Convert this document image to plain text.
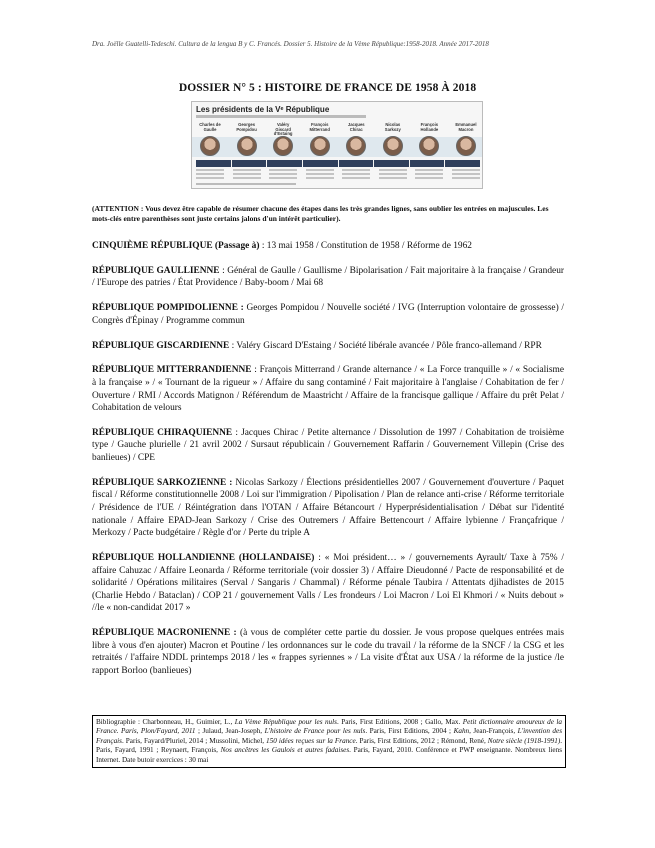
Dra. Joëlle Guatelli-Tedeschi. Cultura de la lengua B y C. Francés. Dossier 5. Histoire de la Vème République:1958-2018. Année 2017-2018
DOSSIER N° 5 : HISTOIRE DE FRANCE DE 1958 À 2018
Les présidents de la Vᵉ République
Charles de Gaulle
Georges Pompidou
Valéry Giscard d'Estaing
François Mitterrand
Jacques Chirac
Nicolas Sarkozy
François Hollande
Emmanuel Macron
(ATTENTION : Vous devez être capable de résumer chacune des étapes dans les très grandes lignes, sans oublier les entrées en majuscules. Les mots-clés entre parenthèses sont juste certains jalons d'un intérêt particulier).

CINQUIÈME RÉPUBLIQUE (Passage à) : 13 mai 1958 / Constitution de 1958 / Réforme de 1962

RÉPUBLIQUE GAULLIENNE : Général de Gaulle / Gaullisme / Bipolarisation / Fait majoritaire à la française / Grandeur / l'Europe des patries / État Providence / Baby-boom / Mai 68

RÉPUBLIQUE POMPIDOLIENNE : Georges Pompidou / Nouvelle société / IVG (Interruption volontaire de grossesse) / Congrès d'Épinay / Programme commun

RÉPUBLIQUE GISCARDIENNE : Valéry Giscard D'Estaing / Société libérale avancée / Pôle franco-allemand / RPR

RÉPUBLIQUE MITTERRANDIENNE : François Mitterrand / Grande alternance / « La Force tranquille » / « Socialisme à la française » / « Tournant de la rigueur » / Affaire du sang contaminé / Fait majoritaire à l'anglaise / Cohabitation de fer / Ouverture / RMI / Accords Matignon / Référendum de Maastricht / Affaire de la francisque gallique / Affaire du prêt Pelat / Cohabitation de velours

RÉPUBLIQUE CHIRAQUIENNE : Jacques Chirac / Petite alternance / Dissolution de 1997 / Cohabitation de troisième type / Gauche plurielle / 21 avril 2002 / Sursaut républicain / Gouvernement Raffarin / Gouvernement Villepin (Crise des banlieues) / CPE

RÉPUBLIQUE SARKOZIENNE : Nicolas Sarkozy / Élections présidentielles 2007 / Gouvernement d'ouverture / Paquet fiscal / Réforme constitutionnelle 2008 / Loi sur l'immigration / Pipolisation / Plan de relance anti-crise / Réforme territoriale / Présidence de l'UE / Réintégration dans l'OTAN / Affaire Bétancourt / Hyperprésidentialisation / Débat sur l'identité nationale / Affaire EPAD-Jean Sarkozy / Crise des Outremers / Affaire Bettencourt / Affaire lybienne / Françafrique / Merkozy / Pacte budgétaire / Règle d'or / Perte du triple A

RÉPUBLIQUE HOLLANDIENNE (HOLLANDAISE) : « Moi président… » / gouvernements Ayrault/ Taxe à 75% / affaire Cahuzac / Affaire Leonarda / Réforme territoriale (voir dossier 3) / Affaire Dieudonné / Pacte de responsabilité et de solidarité / Opérations militaires (Serval / Sangaris / Chammal) / Réforme pénale Taubira / Attentats djihadistes de 2015 (Charlie Hebdo / Bataclan) / COP 21 / gouvernement Valls / Les frondeurs / Loi Macron / Loi El Khmori / « Nuits debout » //le « non-candidat 2017 »

RÉPUBLIQUE MACRONIENNE : (à vous de compléter cette partie du dossier. Je vous propose quelques entrées mais libre à vous d'en ajouter) Macron et Poutine / les ordonnances sur le code du travail / la réforme de la SNCF / la CSG et les retraités / l'affaire NDDL printemps 2018 / les « frappes syriennes » / La visite d'État aux USA / la réforme de la justice /le rapport Borloo (banlieues)

Bibliographie : Charbonneau, H., Guimier, L., La Vème République pour les nuls. Paris, First Editions, 2008 ; Gallo, Max. Petit dictionnaire amoureux de la France. Paris, Plon/Fayard, 2011 ; Julaud, Jean-Joseph, L'histoire de France pour les nuls. Paris, First Editions, 2004 ; Kahn, Jean-François, L'invention des Français. Paris, Fayard/Pluriel, 2014 ; Mussolini, Michel, 150 idées reçues sur la France. Paris, First Editions, 2012 ; Rémond, René, Notre siècle (1918-1991). Paris, Fayard, 1991 ; Reynaert, François, Nos ancêtres les Gaulois et autres fadaises. Paris, Fayard, 2010. Conférence et PWP enseignante. Nombreux liens Internet. Date butoir exercices : 30 mai
